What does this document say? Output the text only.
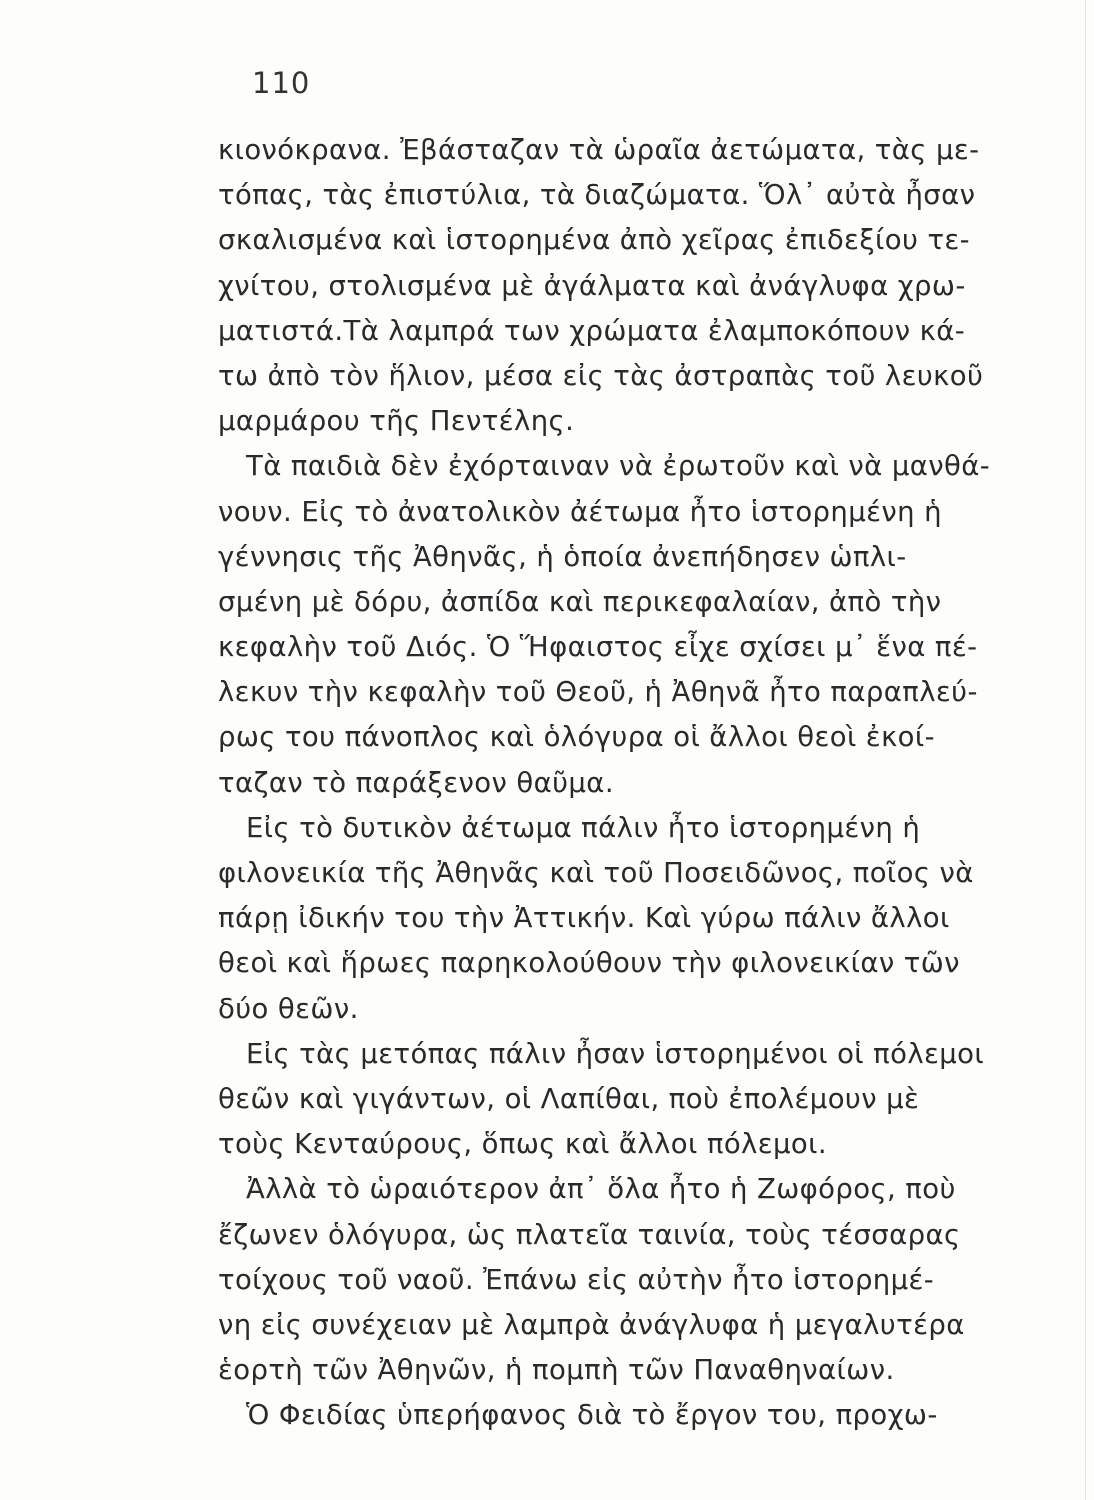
110
κιονόκρανα. Ἐβάσταζαν τὰ ὡραῖα ἀετώματα, τὰς με-
τόπας, τὰς ἐπιστύλια, τὰ διαζώματα. Ὅλ᾽ αὐτὰ ἦσαν
σκαλισμένα καὶ ἱστορημένα ἀπὸ χεῖρας ἐπιδεξίου τε-
χνίτου, στολισμένα μὲ ἀγάλματα καὶ ἀνάγλυφα χρω-
ματιστά.Τὰ λαμπρά των χρώματα ἐλαμποκόπουν κά-
τω ἀπὸ τὸν ἥλιον, μέσα εἰς τὰς ἀστραπὰς τοῦ λευκοῦ
μαρμάρου τῆς Πεντέλης.
Τὰ παιδιὰ δὲν ἐχόρταιναν νὰ ἐρωτοῦν καὶ νὰ μανθά-
νουν. Εἰς τὸ ἀνατολικὸν ἀέτωμα ἦτο ἱστορημένη ἡ
γέννησις τῆς Ἀθηνᾶς, ἡ ὁποία ἀνεπήδησεν ὡπλι-
σμένη μὲ δόρυ, ἀσπίδα καὶ περικεφαλαίαν, ἀπὸ τὴν
κεφαλὴν τοῦ Διός. Ὁ Ἥφαιστος εἶχε σχίσει μ᾽ ἕνα πέ-
λεκυν τὴν κεφαλὴν τοῦ Θεοῦ, ἡ Ἀθηνᾶ ἦτο παραπλεύ-
ρως του πάνοπλος καὶ ὁλόγυρα οἱ ἄλλοι θεοὶ ἐκοί-
ταζαν τὸ παράξενον θαῦμα.
Εἰς τὸ δυτικὸν ἀέτωμα πάλιν ἦτο ἱστορημένη ἡ
φιλονεικία τῆς Ἀθηνᾶς καὶ τοῦ Ποσειδῶνος, ποῖος νὰ
πάρῃ ἰδικήν του τὴν Ἀττικήν. Καὶ γύρω πάλιν ἄλλοι
θεοὶ καὶ ἥρωες παρηκολούθουν τὴν φιλονεικίαν τῶν
δύο θεῶν.
Εἰς τὰς μετόπας πάλιν ἦσαν ἱστορημένοι οἱ πόλεμοι
θεῶν καὶ γιγάντων, οἱ Λαπίθαι, ποὺ ἐπολέμουν μὲ
τοὺς Κενταύρους, ὅπως καὶ ἄλλοι πόλεμοι.
Ἀλλὰ τὸ ὡραιότερον ἀπ᾽ ὅλα ἦτο ἡ Ζωφόρος, ποὺ
ἔζωνεν ὁλόγυρα, ὡς πλατεῖα ταινία, τοὺς τέσσαρας
τοίχους τοῦ ναοῦ. Ἐπάνω εἰς αὐτὴν ἦτο ἱστορημέ-
νη εἰς συνέχειαν μὲ λαμπρὰ ἀνάγλυφα ἡ μεγαλυτέρα
ἑορτὴ τῶν Ἀθηνῶν, ἡ πομπὴ τῶν Παναθηναίων.
Ὁ Φειδίας ὑπερήφανος διὰ τὸ ἔργον του, προχω-
